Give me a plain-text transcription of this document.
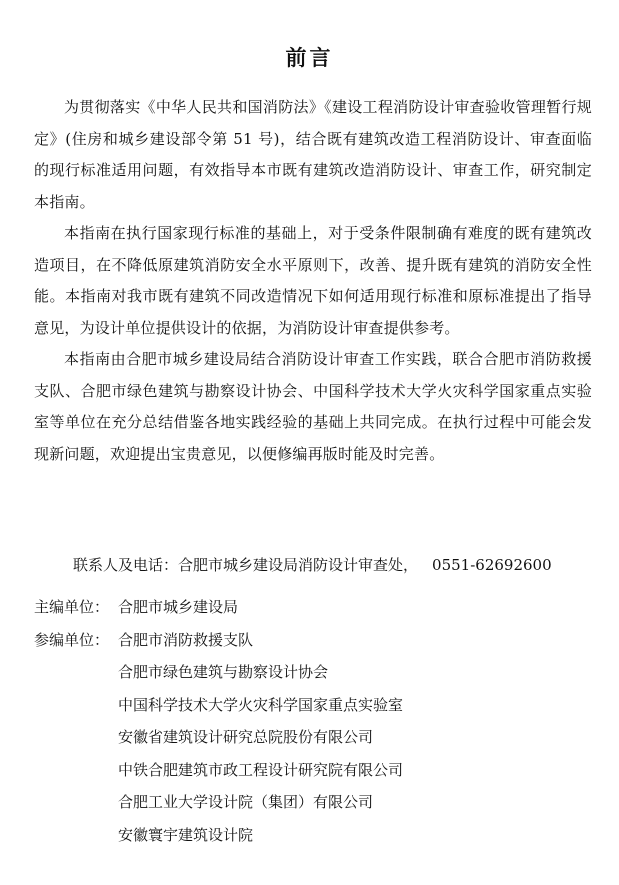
前言

为贯彻落实《中华人民共和国消防法》《建设工程消防设计审查验收管理暂行规定》(住房和城乡建设部令第 51 号)，结合既有建筑改造工程消防设计、审查面临的现行标准适用问题，有效指导本市既有建筑改造消防设计、审查工作，研究制定本指南。

本指南在执行国家现行标准的基础上，对于受条件限制确有难度的既有建筑改造项目，在不降低原建筑消防安全水平原则下，改善、提升既有建筑的消防安全性能。本指南对我市既有建筑不同改造情况下如何适用现行标准和原标准提出了指导意见，为设计单位提供设计的依据，为消防设计审查提供参考。

本指南由合肥市城乡建设局结合消防设计审查工作实践，联合合肥市消防救援支队、合肥市绿色建筑与勘察设计协会、中国科学技术大学火灾科学国家重点实验室等单位在充分总结借鉴各地实践经验的基础上共同完成。在执行过程中可能会发现新问题，欢迎提出宝贵意见，以便修编再版时能及时完善。

联系人及电话：合肥市城乡建设局消防设计审查处， 0551-62692600
主编单位： 合肥市城乡建设局
参编单位： 合肥市消防救援支队
合肥市绿色建筑与勘察设计协会
中国科学技术大学火灾科学国家重点实验室
安徽省建筑设计研究总院股份有限公司
中铁合肥建筑市政工程设计研究院有限公司
合肥工业大学设计院（集团）有限公司
安徽寰宇建筑设计院
